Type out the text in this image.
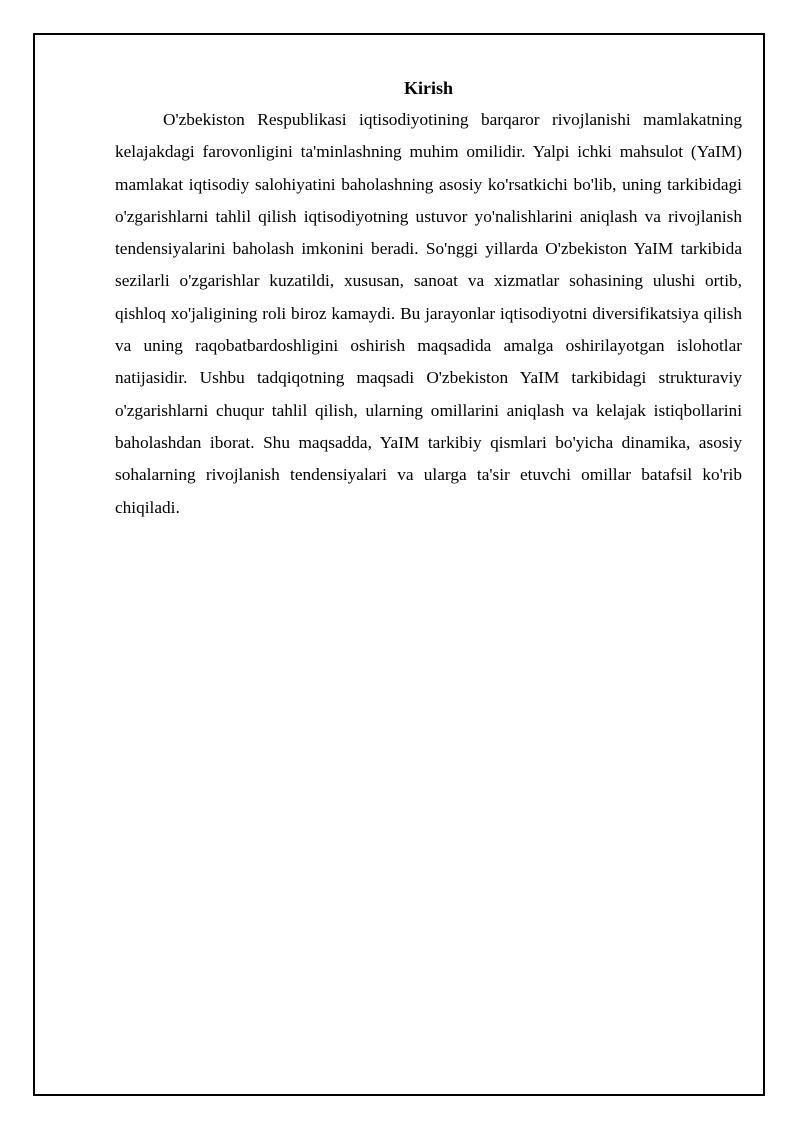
Kirish

O'zbekiston Respublikasi iqtisodiyotining barqaror rivojlanishi mamlakatning kelajakdagi farovonligini ta'minlashning muhim omilidir. Yalpi ichki mahsulot (YaIM) mamlakat iqtisodiy salohiyatini baholashning asosiy ko'rsatkichi bo'lib, uning tarkibidagi o'zgarishlarni tahlil qilish iqtisodiyotning ustuvor yo'nalishlarini aniqlash va rivojlanish tendensiyalarini baholash imkonini beradi. So'nggi yillarda O'zbekiston YaIM tarkibida sezilarli o'zgarishlar kuzatildi, xususan, sanoat va xizmatlar sohasining ulushi ortib, qishloq xo'jaligining roli biroz kamaydi. Bu jarayonlar iqtisodiyotni diversifikatsiya qilish va uning raqobatbardoshligini oshirish maqsadida amalga oshirilayotgan islohotlar natijasidir. Ushbu tadqiqotning maqsadi O'zbekiston YaIM tarkibidagi strukturaviy o'zgarishlarni chuqur tahlil qilish, ularning omillarini aniqlash va kelajak istiqbollarini baholashdan iborat. Shu maqsadda, YaIM tarkibiy qismlari bo'yicha dinamika, asosiy sohalarning rivojlanish tendensiyalari va ularga ta'sir etuvchi omillar batafsil ko'rib chiqiladi.
